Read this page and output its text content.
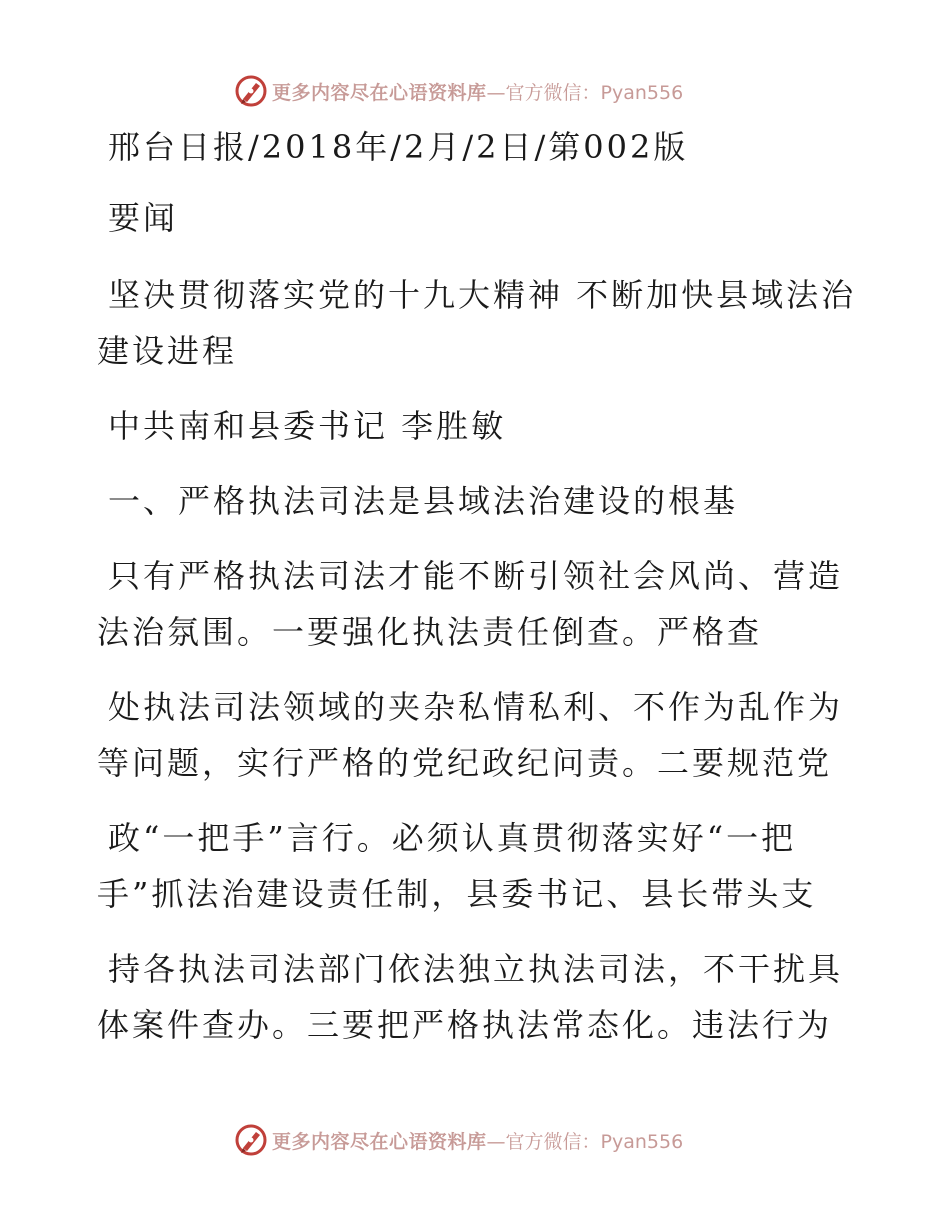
更多内容尽在心语资料库 —官方微信：Pyan556
邢台日报/2018年/2月/2日/第002版
要闻
坚决贯彻落实党的十九大精神 不断加快县域法治
建设进程
中共南和县委书记 李胜敏
一、严格执法司法是县域法治建设的根基
只有严格执法司法才能不断引领社会风尚、营造
法治氛围。一要强化执法责任倒查。严格查
处执法司法领域的夹杂私情私利、不作为乱作为
等问题，实行严格的党纪政纪问责。二要规范党
政“一把手”言行。必须认真贯彻落实好“一把
手”抓法治建设责任制，县委书记、县长带头支
持各执法司法部门依法独立执法司法，不干扰具
体案件查办。三要把严格执法常态化。违法行为
更多内容尽在心语资料库 —官方微信：Pyan556
